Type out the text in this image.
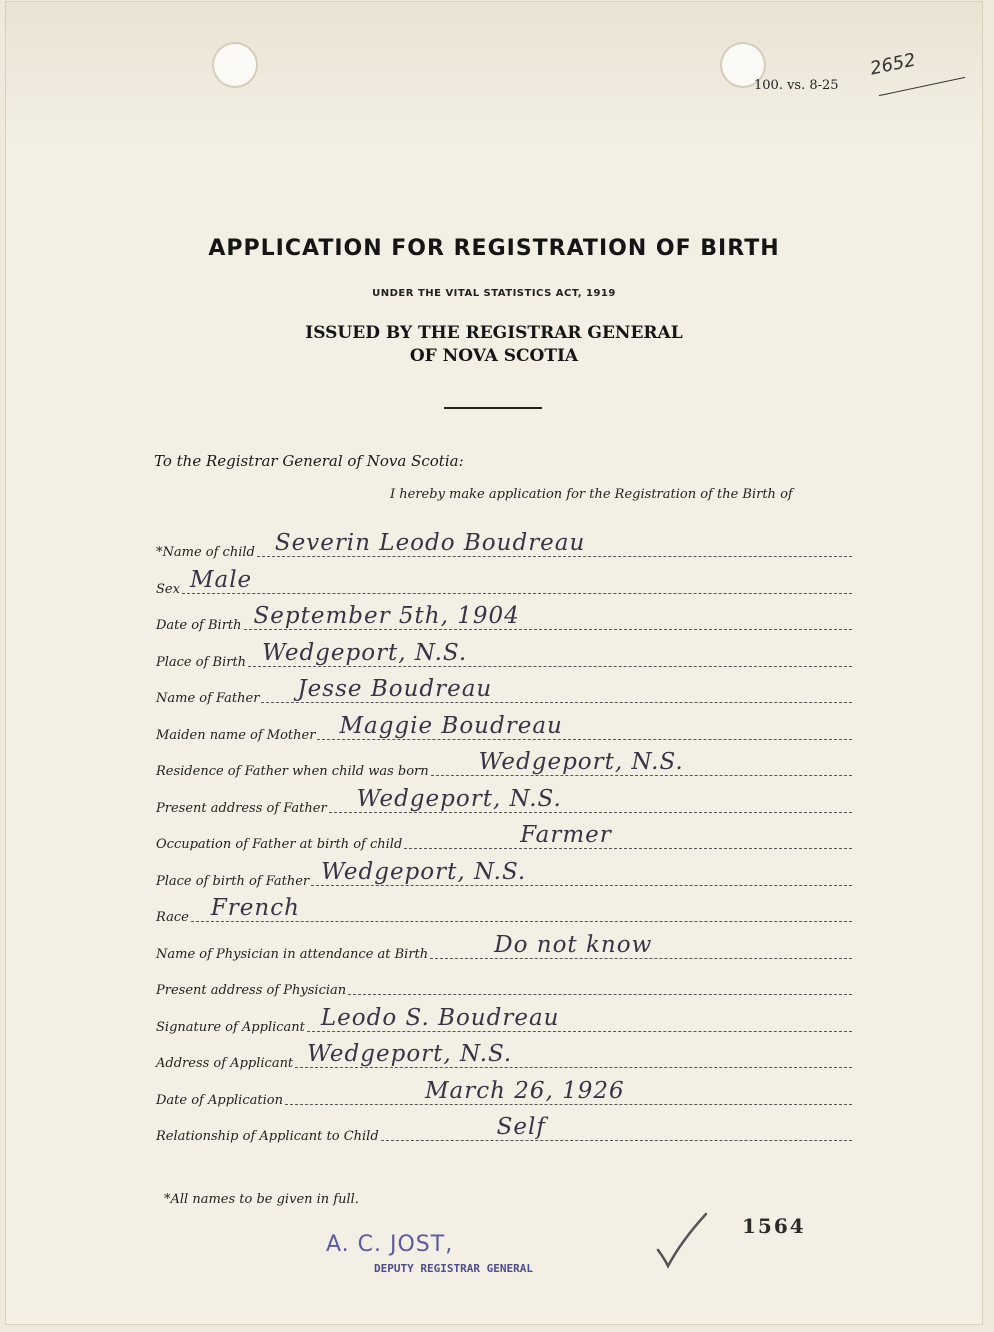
100. vs. 8-25
2652
APPLICATION FOR REGISTRATION OF BIRTH
UNDER THE VITAL STATISTICS ACT, 1919
ISSUED BY THE REGISTRAR GENERAL
OF NOVA SCOTIA
To the Registrar General of Nova Scotia:
I hereby make application for the Registration of the Birth of
*Name of child Severin Leodo Boudreau
Sex Male
Date of Birth September 5th, 1904
Place of Birth Wedgeport, N.S.
Name of Father Jesse Boudreau
Maiden name of Mother Maggie Boudreau
Residence of Father when child was born Wedgeport, N.S.
Present address of Father Wedgeport, N.S.
Occupation of Father at birth of child	Farmer
Place of birth of Father Wedgeport, N.S.
Race French
Name of Physician in attendance at Birth	Do not know
Present address of Physician
Signature of Applicant Leodo S. Boudreau
Address of Applicant Wedgeport, N.S.
Date of Application	March 26, 1926
Relationship of Applicant to Child	Self
*All names to be given in full.
A. C. JOST,
DEPUTY REGISTRAR GENERAL
1564
